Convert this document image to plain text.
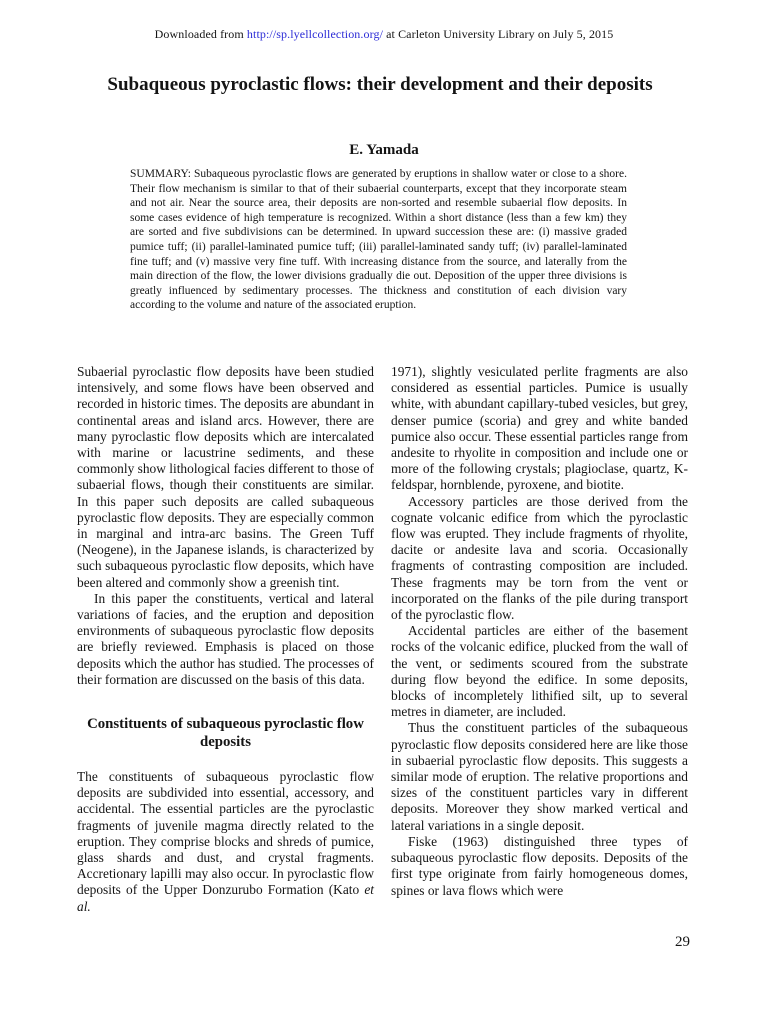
Downloaded from http://sp.lyellcollection.org/ at Carleton University Library on July 5, 2015
Subaqueous pyroclastic flows: their development and their deposits
E. Yamada

SUMMARY: Subaqueous pyroclastic flows are generated by eruptions in shallow water or close to a shore. Their flow mechanism is similar to that of their subaerial counterparts, except that they incorporate steam and not air. Near the source area, their deposits are non-sorted and resemble subaerial flow deposits. In some cases evidence of high temperature is recognized. Within a short distance (less than a few km) they are sorted and five subdivisions can be determined. In upward succession these are: (i) massive graded pumice tuff; (ii) parallel-laminated pumice tuff; (iii) parallel-laminated sandy tuff; (iv) parallel-laminated fine tuff; and (v) massive very fine tuff. With increasing distance from the source, and laterally from the main direction of the flow, the lower divisions gradually die out. Deposition of the upper three divisions is greatly influenced by sedimentary processes. The thickness and constitution of each division vary according to the volume and nature of the associated eruption.

Subaerial pyroclastic flow deposits have been studied intensively, and some flows have been observed and recorded in historic times. The deposits are abundant in continental areas and island arcs. However, there are many pyroclastic flow deposits which are intercalated with marine or lacustrine sediments, and these commonly show lithological facies different to those of subaerial flows, though their constituents are similar. In this paper such deposits are called subaqueous pyroclastic flow deposits. They are especially common in marginal and intra-arc basins. The Green Tuff (Neogene), in the Japanese islands, is characterized by such subaqueous pyroclastic flow deposits, which have been altered and commonly show a greenish tint.

In this paper the constituents, vertical and lateral variations of facies, and the eruption and deposition environments of subaqueous pyroclastic flow deposits are briefly reviewed. Emphasis is placed on those deposits which the author has studied. The processes of their formation are discussed on the basis of this data.

Constituents of subaqueous pyroclastic flow deposits

The constituents of subaqueous pyroclastic flow deposits are subdivided into essential, accessory, and accidental. The essential particles are the pyroclastic fragments of juvenile magma directly related to the eruption. They comprise blocks and shreds of pumice, glass shards and dust, and crystal fragments. Accretionary lapilli may also occur. In pyroclastic flow deposits of the Upper Donzurubo Formation (Kato et al.

1971), slightly vesiculated perlite fragments are also considered as essential particles. Pumice is usually white, with abundant capillary-tubed vesicles, but grey, denser pumice (scoria) and grey and white banded pumice also occur. These essential particles range from andesite to rhyolite in composition and include one or more of the following crystals; plagioclase, quartz, K-feldspar, hornblende, pyroxene, and biotite.

Accessory particles are those derived from the cognate volcanic edifice from which the pyroclastic flow was erupted. They include fragments of rhyolite, dacite or andesite lava and scoria. Occasionally fragments of contrasting composition are included. These fragments may be torn from the vent or incorporated on the flanks of the pile during transport of the pyroclastic flow.

Accidental particles are either of the basement rocks of the volcanic edifice, plucked from the wall of the vent, or sediments scoured from the substrate during flow beyond the edifice. In some deposits, blocks of incompletely lithified silt, up to several metres in diameter, are included.

Thus the constituent particles of the subaqueous pyroclastic flow deposits considered here are like those in subaerial pyroclastic flow deposits. This suggests a similar mode of eruption. The relative proportions and sizes of the constituent particles vary in different deposits. Moreover they show marked vertical and lateral variations in a single deposit.

Fiske (1963) distinguished three types of subaqueous pyroclastic flow deposits. Deposits of the first type originate from fairly homogeneous domes, spines or lava flows which were

29
